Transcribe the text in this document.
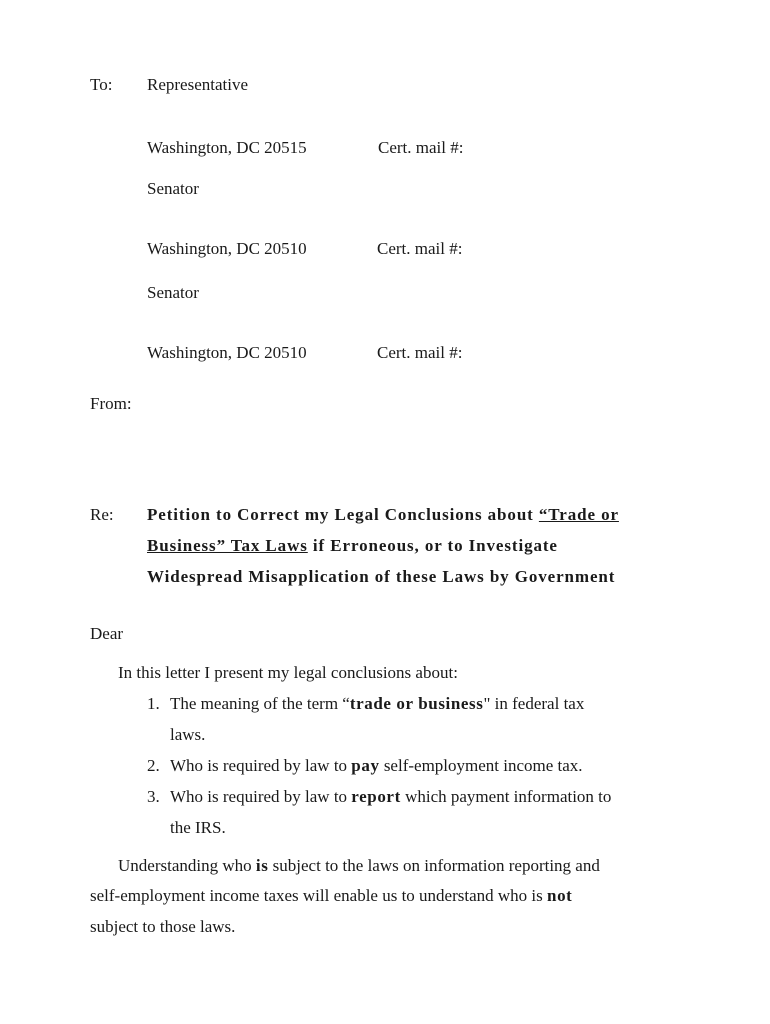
To: Representative
Washington, DC 20515	Cert. mail #:
Senator
Washington, DC 20510	Cert. mail #:
Senator
Washington, DC 20510	Cert. mail #:
From:
Re: Petition to Correct my Legal Conclusions about “Trade or
Business” Tax Laws if Erroneous, or to Investigate
Widespread Misapplication of these Laws by Government
Dear
In this letter I present my legal conclusions about:
1. The meaning of the term “trade or business" in federal tax
laws.
2. Who is required by law to pay self-employment income tax.
3. Who is required by law to report which payment information to
the IRS.
Understanding who is subject to the laws on information reporting and
self-employment income taxes will enable us to understand who is not
subject to those laws.
